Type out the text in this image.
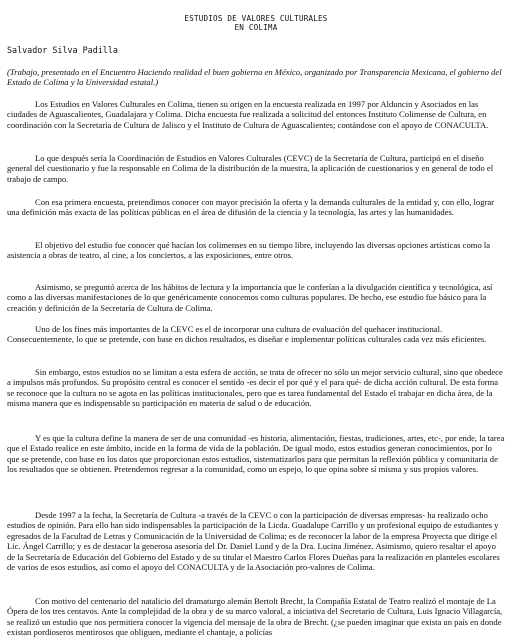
ESTUDIOS DE VALORES CULTURALES
EN COLIMA
Salvador Silva Padilla

(Trabajo, presentado en el Encuentro Haciendo realidad el buen gobierno en México, organizado por Transparencia Mexicana, el gobierno del Estado de Colima y la Universidad estatal.)

Los Estudios en Valores Culturales en Colima, tienen su origen en la encuesta realizada en 1997 por Alduncin y Asociados en las ciudades de Aguascalientes, Guadalajara y Colima. Dicha encuesta fue realizada a solicitud del entonces Instituto Colimense de Cultura, en coordinación con la Secretaría de Cultura de Jalisco y el Instituto de Cultura de Aguascalientes; contándose con el apoyo de CONACULTA.

Lo que después sería la Coordinación de Estudios en Valores Culturales (CEVC) de la Secretaría de Cultura, participó en el diseño general del cuestionario y fue la responsable en Colima de la distribución de la muestra, la aplicación de cuestionarios y en general de todo el trabajo de campo.

Con esa primera encuesta, pretendimos conocer con mayor precisión la oferta y la demanda culturales de la entidad y, con ello, lograr una definición más exacta de las políticas públicas en el área de difusión de la ciencia y la tecnología, las artes y las humanidades.

El objetivo del estudio fue conocer qué hacían los colimenses en su tiempo libre, incluyendo las diversas opciones artísticas como la asistencia a obras de teatro, al cine, a los conciertos, a las exposiciones, entre otros.

Asimismo, se preguntó acerca de los hábitos de lectura y la importancia que le conferían a la divulgación científica y tecnológica, así como a las diversas manifestaciones de lo que genéricamente conocemos como culturas populares. De hecho, ese estudio fue básico para la creación y definición de la Secretaría de Cultura de Colima.

Uno de los fines más importantes de la CEVC es el de incorporar una cultura de evaluación del quehacer institucional. Consecuentemente, lo que se pretende, con base en dichos resultados, es diseñar e implementar políticas culturales cada vez más eficientes.

Sin embargo, estos estudios no se limitan a esta esfera de acción, se trata de ofrecer no sólo un mejor servicio cultural, sino que obedece a impulsos más profundos. Su propósito central es conocer el sentido -es decir el por qué y el para qué- de dicha acción cultural. De esta forma se reconoce que la cultura no se agota en las políticas institucionales, pero que es tarea fundamental del Estado el trabajar en dicha área, de la misma manera que es indispensable su participación en materia de salud o de educación.

Y es que la cultura define la manera de ser de una comunidad -es historia, alimentación, fiestas, tradiciones, artes, etc-, por ende, la tarea que el Estado realice en este ámbito, incide en la forma de vida de la población. De igual modo, estos estudios generan conocimientos, por lo que se pretende, con base en los datos que proporcionan estos estudios, sistematizarlos para que permitan la reflexión pública y comunitaria de los resultados que se obtienen. Pretendemos regresar a la comunidad, como un espejo, lo que opina sobre sí misma y sus propios valores.

Desde 1997 a la fecha, la Secretaría de Cultura -a través de la CEVC o con la participación de diversas empresas- ha realizado ocho estudios de opinión. Para ello han sido indispensables la participación de la Licda. Guadalupe Carrillo y un profesional equipo de estudiantes y egresados de la Facultad de Letras y Comunicación de la Universidad de Colima; es de reconocer la labor de la empresa Proyecta que dirige el Lic. Ángel Carrillo; y es de destacar la generosa asesoría del Dr. Daniel Lund y de la Dra. Lucina Jiménez. Asimismo, quiero resaltar el apoyo de la Secretaría de Educación del Gobierno del Estado y de su titular el Maestro Carlos Flores Dueñas para la realización en planteles escolares de varios de esos estudios, así como el apoyo del CONACULTA y de la Asociación pro-valores de Colima.

Con motivo del centenario del natalicio del dramaturgo alemán Bertolt Brecht, la Compañía Estatal de Teatro realizó el montaje de La Ópera de los tres centavos. Ante la complejidad de la obra y de su marco valoral, a iniciativa del Secretario de Cultura, Luis Ignacio Villagarcía, se realizó un estudio que nos permitiera conocer la vigencia del mensaje de la obra de Brecht. (¿se pueden imaginar que exista un país en donde existan pordioseros mentirosos que obliguen, mediante el chantaje, a policías
